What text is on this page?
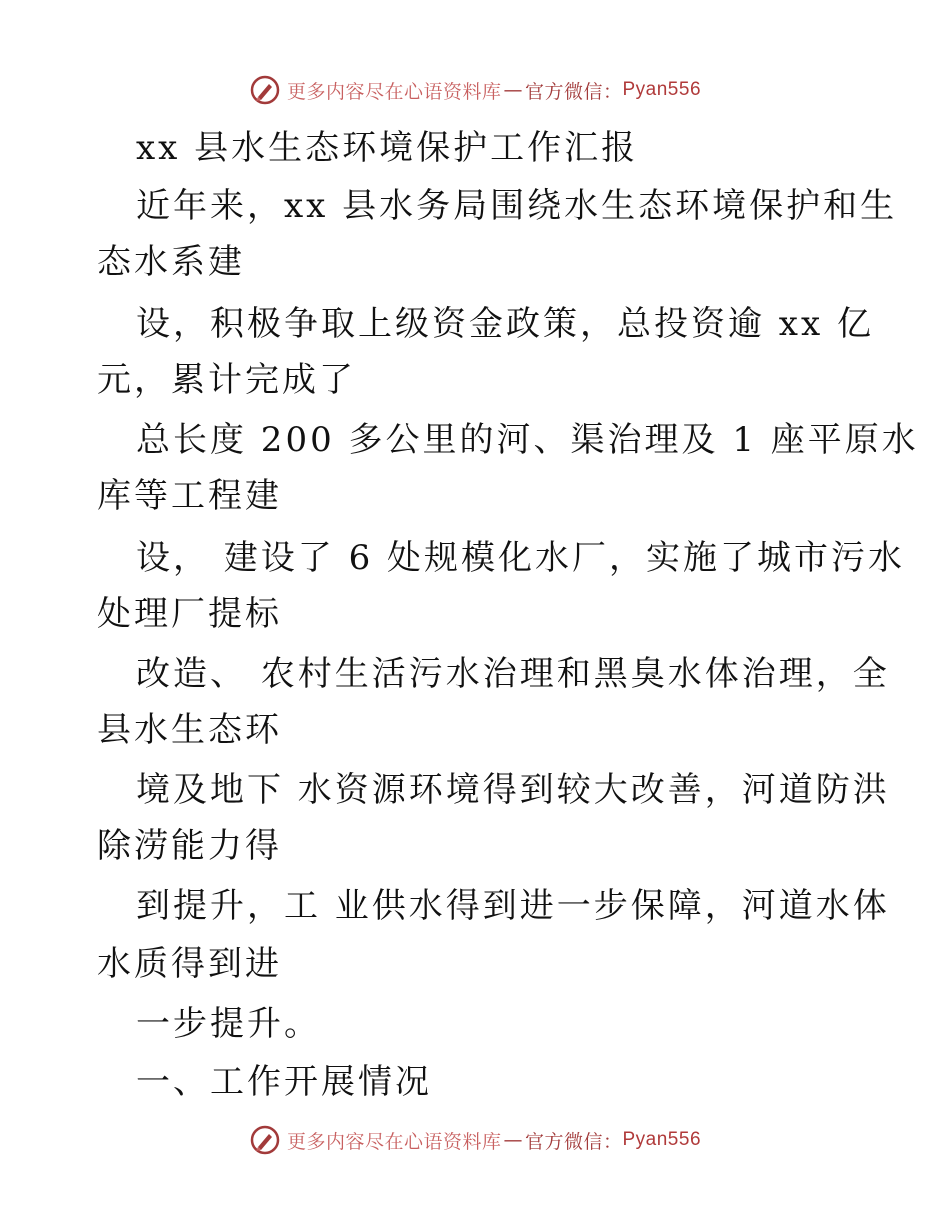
更多内容尽在心语资料库 — 官方微信： Pyan556
xx 县水生态环境保护工作汇报
近年来，xx 县水务局围绕水生态环境保护和生
态水系建
设，积极争取上级资金政策，总投资逾 xx 亿
元，累计完成了
总长度 200 多公里的河、渠治理及 1 座平原水
库等工程建
设， 建设了 6 处规模化水厂，实施了城市污水
处理厂提标
改造、 农村生活污水治理和黑臭水体治理，全
县水生态环
境及地下 水资源环境得到较大改善，河道防洪
除涝能力得
到提升，工 业供水得到进一步保障，河道水体
水质得到进
一步提升。
一、工作开展情况
更多内容尽在心语资料库 — 官方微信： Pyan556
